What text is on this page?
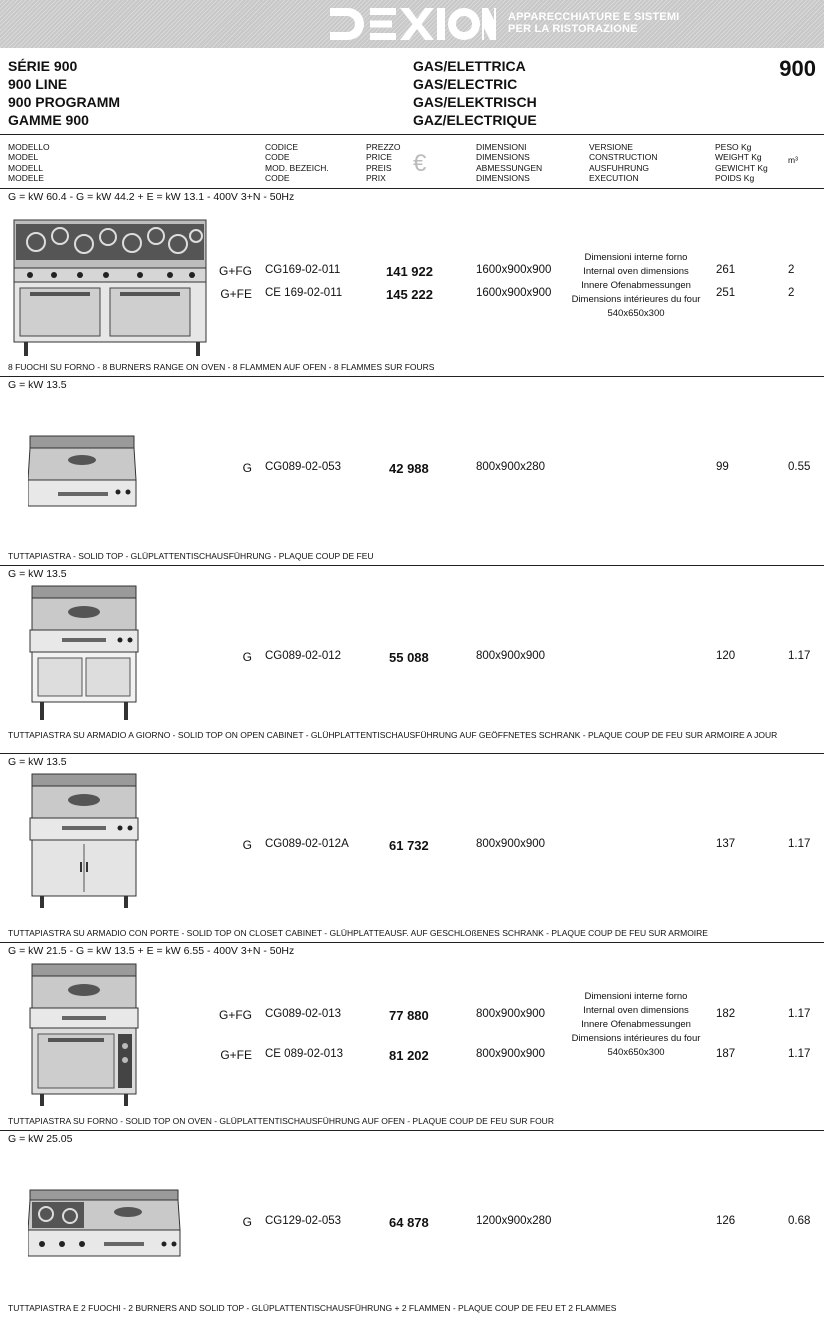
APPARECCHIATURE E SISTEMI
PER LA RISTORAZIONE
SÉRIE 900
900 LINE
900 PROGRAMM
GAMME 900
GAS/ELETTRICA
GAS/ELECTRIC
GAS/ELEKTRISCH
GAZ/ELECTRIQUE
900
MODELLO
MODEL
MODELL
MODELE
CODICE
CODE
MOD. BEZEICH.
CODE
PREZZO
PRICE
PREIS
PRIX
€
DIMENSIONI
DIMENSIONS
ABMESSUNGEN
DIMENSIONS
VERSIONE
CONSTRUCTION
AUSFUHRUNG
EXECUTION
PESO Kg
WEIGHT Kg
GEWICHT Kg
POIDS Kg
m³
G = kW 60.4 - G = kW 44.2 + E = kW 13.1 - 400V 3+N - 50Hz
G+FG CG169-02-011	141 922	1600x900x900	261	2
G+FE CE 169-02-011	145 222	1600x900x900	251	2
Dimensioni interne forno
Internal oven dimensions
Innere Ofenabmessungen
Dimensions intérieures du four
540x650x300
8 FUOCHI SU FORNO - 8 BURNERS RANGE ON OVEN - 8 FLAMMEN AUF OFEN - 8 FLAMMES SUR FOURS
G = kW 13.5
G CG089-02-053	42 988	800x900x280	99	0.55
TUTTAPIASTRA - SOLID TOP - GLÜPLATTENTISCHAUSFÜHRUNG - PLAQUE COUP DE FEU
G = kW 13.5
G CG089-02-012	55 088	800x900x900	120	1.17
TUTTAPIASTRA SU ARMADIO A GIORNO - SOLID TOP ON OPEN CABINET - GLÜHPLATTENTISCHAUSFÜHRUNG AUF GEÖFFNETES SCHRANK - PLAQUE COUP DE FEU SUR ARMOIRE A JOUR
G = kW 13.5
G CG089-02-012A	61 732	800x900x900	137	1.17
TUTTAPIASTRA SU ARMADIO CON PORTE - SOLID TOP ON CLOSET CABINET - GLÜHPLATTEAUSF. AUF GESCHLOßENES SCHRANK - PLAQUE COUP DE FEU SUR ARMOIRE
G = kW 21.5 - G = kW 13.5 + E = kW 6.55 - 400V 3+N - 50Hz
G+FG CG089-02-013	77 880	800x900x900	182	1.17
G+FE CE 089-02-013	81 202	800x900x900	187	1.17
Dimensioni interne forno
Internal oven dimensions
Innere Ofenabmessungen
Dimensions intérieures du four
540x650x300
TUTTAPIASTRA SU FORNO - SOLID TOP ON OVEN - GLÜPLATTENTISCHAUSFÜHRUNG AUF OFEN - PLAQUE COUP DE FEU SUR FOUR
G = kW 25.05
G CG129-02-053	64 878	1200x900x280	126	0.68
TUTTAPIASTRA E 2 FUOCHI - 2 BURNERS AND SOLID TOP - GLÜPLATTENTISCHAUSFÜHRUNG + 2 FLAMMEN - PLAQUE COUP DE FEU ET 2 FLAMMES
